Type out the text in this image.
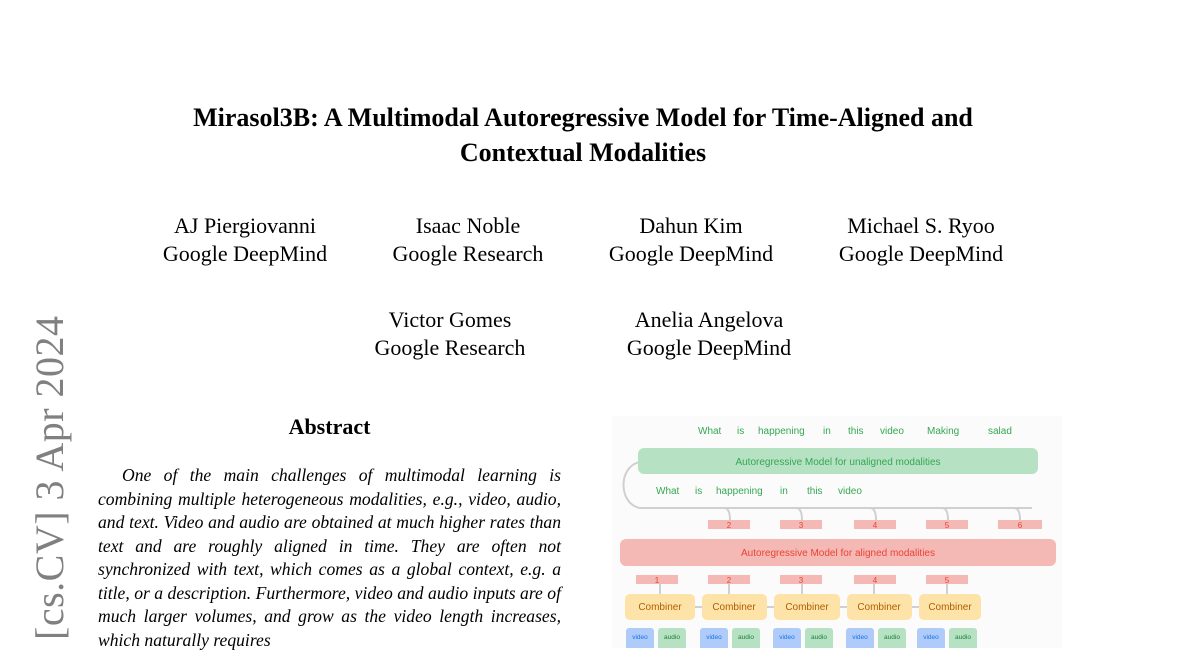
Mirasol3B: A Multimodal Autoregressive Model for Time-Aligned and
Contextual Modalities
AJ Piergiovanni
Google DeepMind
Isaac Noble
Google Research
Dahun Kim
Google DeepMind
Michael S. Ryoo
Google DeepMind
Victor Gomes
Google Research
Anelia Angelova
Google DeepMind
[cs.CV] 3 Apr 2024	Abstract
One of the main challenges of multimodal learning is combining multiple heterogeneous modalities, e.g., video, audio, and text. Video and audio are obtained at much higher rates than text and are roughly aligned in time. They are often not synchronized with text, which comes as a global context, e.g. a title, or a description. Furthermore, video and audio inputs are of much larger volumes, and grow as the video length increases, which naturally requires
What is happening in this video Making	salad
Autoregressive Model for unaligned modalities
What is happening in this video
2	3	4	5	6
Autoregressive Model for aligned modalities
1	2	3	4	5
Combiner	Combiner	Combiner	Combiner	Combiner
video	audio	video	audio	video	audio	video	audio	video	audio
